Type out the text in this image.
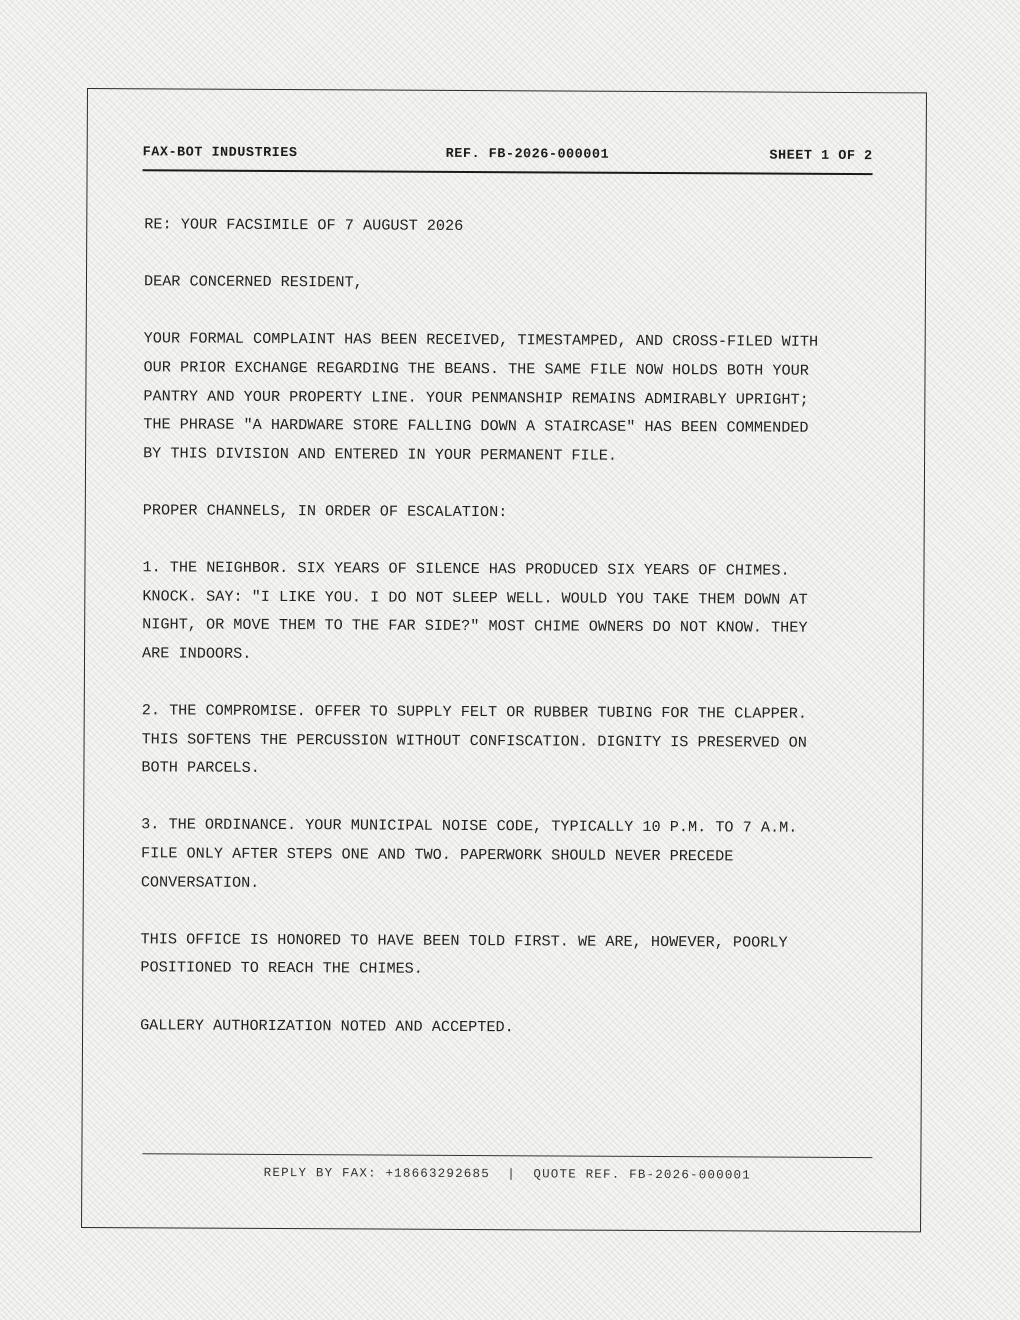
FAX-BOT INDUSTRIES	REF. FB-2026-000001	SHEET 1 OF 2

RE: YOUR FACSIMILE OF 7 AUGUST 2026

DEAR CONCERNED RESIDENT,

YOUR FORMAL COMPLAINT HAS BEEN RECEIVED, TIMESTAMPED, AND CROSS-FILED WITH OUR PRIOR EXCHANGE REGARDING THE BEANS. THE SAME FILE NOW HOLDS BOTH YOUR PANTRY AND YOUR PROPERTY LINE. YOUR PENMANSHIP REMAINS ADMIRABLY UPRIGHT; THE PHRASE "A HARDWARE STORE FALLING DOWN A STAIRCASE" HAS BEEN COMMENDED BY THIS DIVISION AND ENTERED IN YOUR PERMANENT FILE.

PROPER CHANNELS, IN ORDER OF ESCALATION:

1. THE NEIGHBOR. SIX YEARS OF SILENCE HAS PRODUCED SIX YEARS OF CHIMES. KNOCK. SAY: "I LIKE YOU. I DO NOT SLEEP WELL. WOULD YOU TAKE THEM DOWN AT NIGHT, OR MOVE THEM TO THE FAR SIDE?" MOST CHIME OWNERS DO NOT KNOW. THEY ARE INDOORS.

2. THE COMPROMISE. OFFER TO SUPPLY FELT OR RUBBER TUBING FOR THE CLAPPER. THIS SOFTENS THE PERCUSSION WITHOUT CONFISCATION. DIGNITY IS PRESERVED ON BOTH PARCELS.

3. THE ORDINANCE. YOUR MUNICIPAL NOISE CODE, TYPICALLY 10 P.M. TO 7 A.M. FILE ONLY AFTER STEPS ONE AND TWO. PAPERWORK SHOULD NEVER PRECEDE CONVERSATION.

THIS OFFICE IS HONORED TO HAVE BEEN TOLD FIRST. WE ARE, HOWEVER, POORLY POSITIONED TO REACH THE CHIMES.

GALLERY AUTHORIZATION NOTED AND ACCEPTED.

REPLY BY FAX: +18663292685  |  QUOTE REF. FB-2026-000001
